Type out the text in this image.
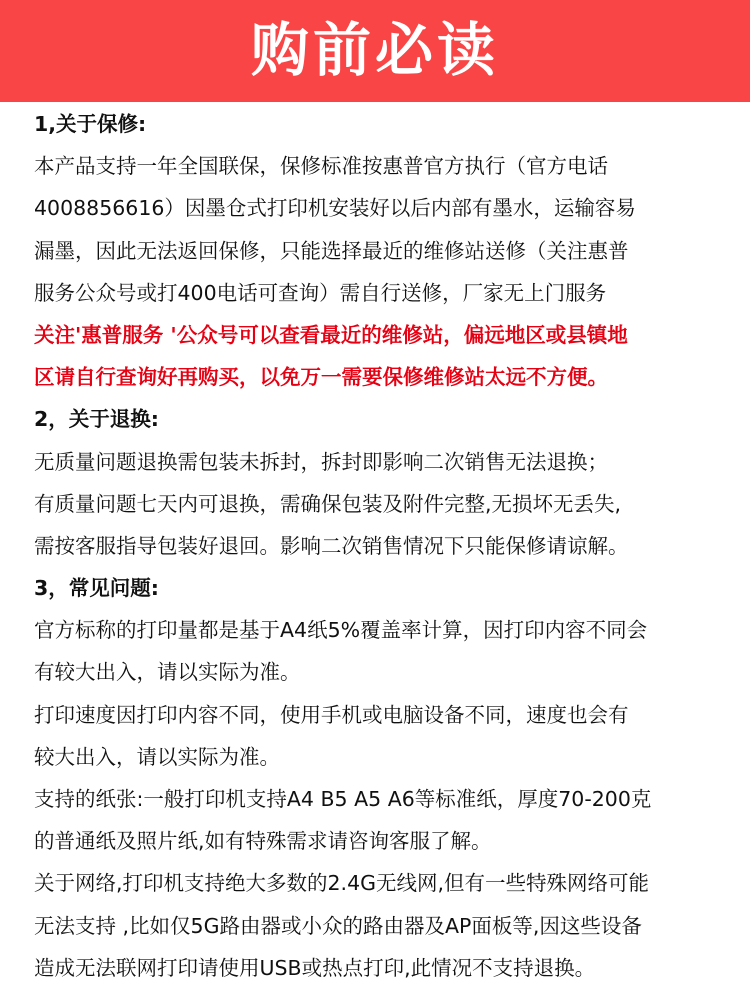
购前必读
1,关于保修:
本产品支持一年全国联保，保修标准按惠普官方执行（官方电话
4008856616）因墨仓式打印机安装好以后内部有墨水，运输容易
漏墨，因此无法返回保修，只能选择最近的维修站送修（关注惠普
服务公众号或打400电话可查询）需自行送修，厂家无上门服务
关注'惠普服务 '公众号可以查看最近的维修站，偏远地区或县镇地
区请自行查询好再购买，以免万一需要保修维修站太远不方便。
2，关于退换:
无质量问题退换需包装未拆封，拆封即影响二次销售无法退换；
有质量问题七天内可退换，需确保包装及附件完整,无损坏无丢失,
需按客服指导包装好退回。影响二次销售情况下只能保修请谅解。
3，常见问题:
官方标称的打印量都是基于A4纸5%覆盖率计算，因打印内容不同会
有较大出入，请以实际为准。
打印速度因打印内容不同，使用手机或电脑设备不同，速度也会有
较大出入，请以实际为准。
支持的纸张:一般打印机支持A4 B5 A5 A6等标准纸，厚度70-200克
的普通纸及照片纸,如有特殊需求请咨询客服了解。
关于网络,打印机支持绝大多数的2.4G无线网,但有一些特殊网络可能
无法支持 ,比如仅5G路由器或小众的路由器及AP面板等,因这些设备
造成无法联网打印请使用USB或热点打印,此情况不支持退换。
